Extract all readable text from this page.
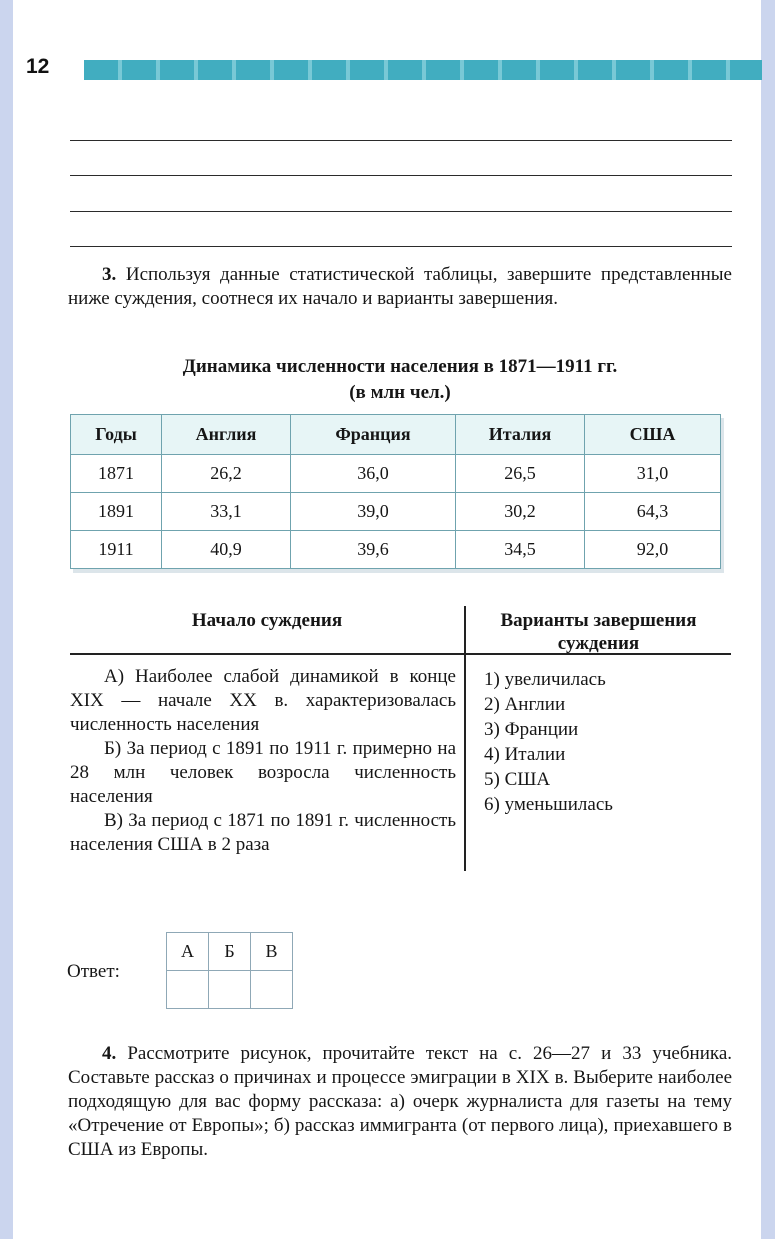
12

3. Используя данные статистической таблицы, завершите представленные ниже суждения, соотнеся их начало и варианты завершения.

Динамика численности населения в 1871—1911 гг.
(в млн чел.)
Годы	Англия	Франция	Италия	США
1871	26,2	36,0	26,5	31,0
1891	33,1	39,0	30,2	64,3
1911	40,9	39,6	34,5	92,0
Начало суждения

А) Наиболее слабой динамикой в конце XIX — начале XX в. характеризовалась численность населения

Б) За период с 1891 по 1911 г. примерно на 28 млн человек возросла численность населения

В) За период с 1871 по 1891 г. численность населения США в 2 раза

Варианты завершения суждения
1) увеличилась
2) Англии
3) Франции
4) Италии
5) США
6) уменьшилась
Ответ:
А	Б	В

4. Рассмотрите рисунок, прочитайте текст на с. 26—27 и 33 учебника. Составьте рассказ о причинах и процессе эмиграции в XIX в. Выберите наиболее подходящую для вас форму рассказа: а) очерк журналиста для газеты на тему «Отречение от Европы»; б) рассказ иммигранта (от первого лица), приехавшего в США из Европы.
